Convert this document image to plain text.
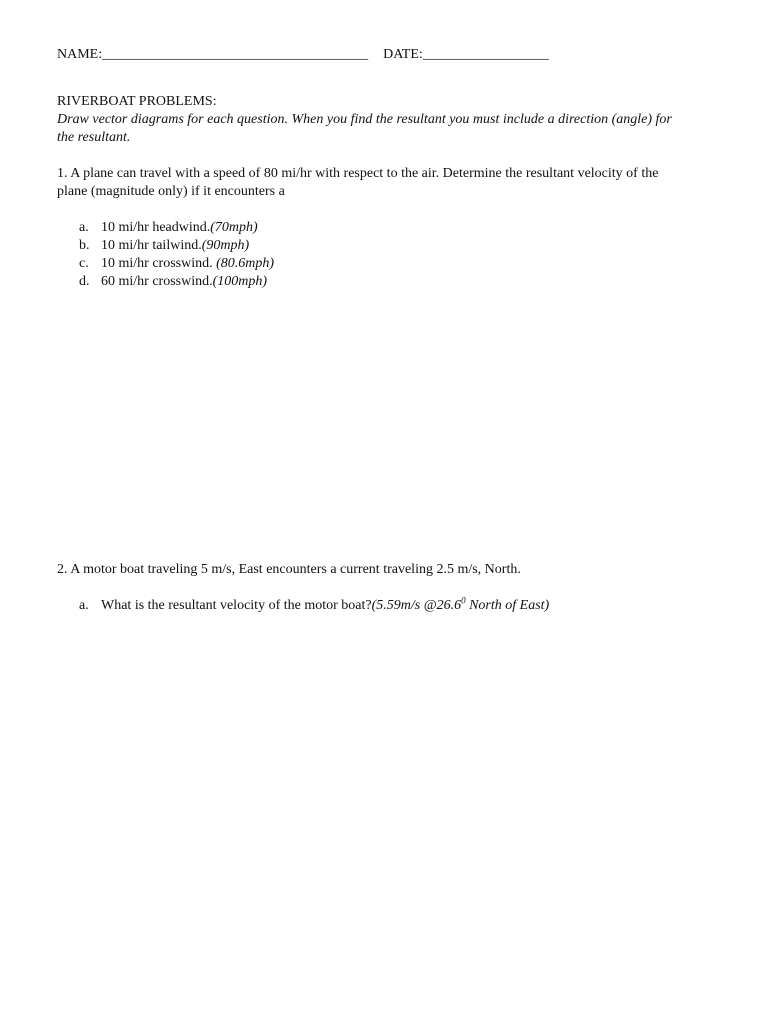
NAME:______________________________________ DATE:__________________
RIVERBOAT PROBLEMS:
Draw vector diagrams for each question. When you find the resultant you must include a direction (angle) for
the resultant.
1. A plane can travel with a speed of 80 mi/hr with respect to the air. Determine the resultant velocity of the
plane (magnitude only) if it encounters a
a. 10 mi/hr headwind.(70mph)
b. 10 mi/hr tailwind.(90mph)
c. 10 mi/hr crosswind. (80.6mph)
d. 60 mi/hr crosswind.(100mph)
2. A motor boat traveling 5 m/s, East encounters a current traveling 2.5 m/s, North.
a. What is the resultant velocity of the motor boat?(5.59m/s @26.6$^0$ North of East)
